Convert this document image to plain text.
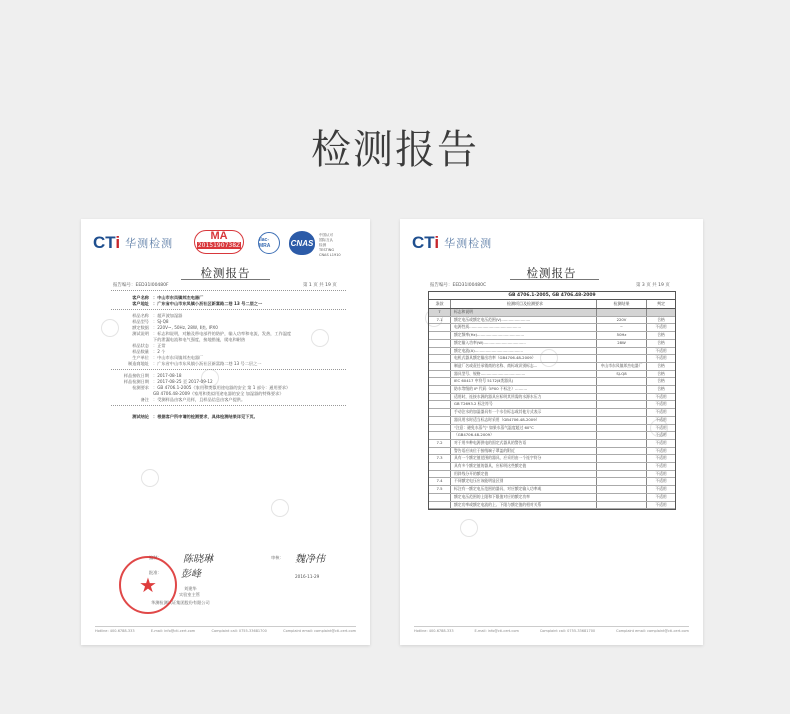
检测报告
CTi 华测检测
MA
2015190738Z
ilac-MRA	CNAS
中国认可
国际互认
检测
TESTING
CNAS L1910
检测报告
报告编号：EED31I00480F	第 1 页 共 19 页
客户名称 ：中山市东凤镇邦杰电器厂
客户地址 ：广东省中山市东凤镇小沥社区新富路二巷 13 号二层之一
样品名称 ：超声波加湿器
样品型号 ：SJ-Q8
额定数据 ：220V~, 50Hz, 28W, Ⅱ类, IPX0
测试说明 ：标志和说明，对触及带电部件的防护，输入功率和电流，发热，工作温度
下的泄漏电流和电气强度，接地措施，爬电和耐热
样品状态 ：正常
样品数量 ：2 个
生产单位 ：中山市东凤镇邦杰电器厂
制造商地址 ：广东省中山市东凤镇小沥社区新富路二巷 13 号二层之一
样品接收日期 ：2017-08-18
样品检测日期 ：2017-08-25 至 2017-09-12
检测要求 ：GB 4706.1-2005《家用和类似用途电器的安全 第 1 部分：通用要求》
GB 4706.48-2009《家用和类似用途电器的安全 加湿器的特殊要求》
备注 ：受测样品由客户送样，且样品信息由客户提供。
测试结论 ：根据客户所申请的检测要求，具体检测结果详见下页。
编制： 陈晓琳	审核： 魏净伟
批准： 彭峰
刘建华
实验室主管
2016-11-29
华测检测认证集团股份有限公司
★
Hotline: 400-6788-333	E-mail: info@cti-cert.com	Complaint call: 0755-33681700	Complaint email: complaint@cti-cert.com
CTi 华测检测
检测报告
报告编号：EED31I00480C	第 3 页 共 19 页
GB 4706.1-2005, GB 4706.48-2009
条款	检测项目及检测要求	检测结果	判定
7	标志和说明
7.1	额定电压或额定电压范围(V)........................	220V	合格
电源性质...........................................	~	不适用
额定频率(Hz).......................................	50Hz	合格
额定输入功率(W)...................................	28W	合格
额定电流(A)........................................	不适用
电机式器具额定输出功率（GB4706.48-2009）	不适用
制造厂名或责任承销商的名称、商标或识别标志...	中山市东凤镇邦杰电器厂	合格
器具型号、规格.....................................	SJ-Q8	合格
IEC 60417 中符号 5172(Ⅱ类器具)	合格
防水等级的 IP 代码（IPX0 不标注）..........	合格
适用时，连接水源的器具应标明其所需的水源水压力	不适用
GB T2693.2 标注符号	不适用
手动注水的加湿器具有一个水位标志或其他方式表示	不适用
器具用水时适当标志时采用（GB4706.48-2009）	不适用
"注意：避免水蒸气" 如果水蒸气温度超过 60°C	不适用
（GB4706.48-2009）	不适用
7.2	对于用多种电源供电的固定式器具的警告语	不适用
警告语应该位于接线端子罩盖的附近	不适用
7.3	具有一个额定值范围的器具，应采用由一个连字符分	不适用
具有多个额定值的器具，应标明这些额定值	不适用
用斜线分开的额定值	不适用
7.4	不同额定电压应该能明显区别	不适用
7.5	标注有一额定电压范围的器具，对应额定输入功率或	不适用
额定电压范围的上限和下限值对应的额定功率	不适用
额定功率或额定电流的上、下限与额定值的相对关系	不适用
Hotline: 400-6788-333	E-mail: info@cti-cert.com	Complaint call: 0755-33681700	Complaint email: complaint@cti-cert.com
